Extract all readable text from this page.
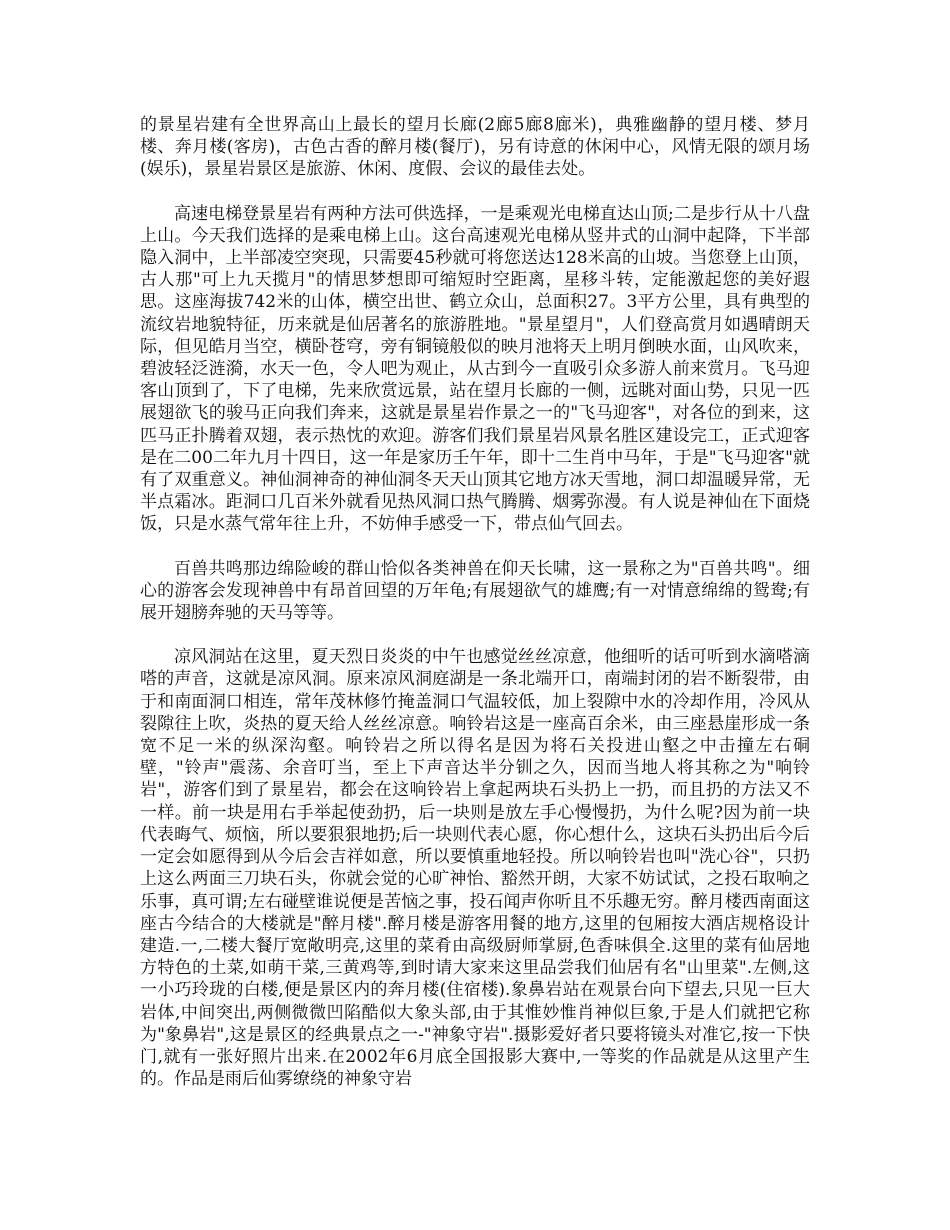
的景星岩建有全世界高山上最长的望月长廊(2廊5廊8廊米)，典雅幽静的望月楼、梦月楼、奔月楼(客房)，古色古香的醉月楼(餐厅)，另有诗意的休闲中心，风情无限的颂月场(娱乐)，景星岩景区是旅游、休闲、度假、会议的最佳去处。

高速电梯登景星岩有两种方法可供选择，一是乘观光电梯直达山顶;二是步行从十八盘上山。今天我们选择的是乘电梯上山。这台高速观光电梯从竖井式的山洞中起降，下半部隐入洞中，上半部凌空突现，只需要45秒就可将您送达128米高的山坡。当您登上山顶，古人那"可上九天揽月"的情思梦想即可缩短时空距离，星移斗转，定能激起您的美好遐思。这座海拔742米的山体，横空出世、鹤立众山，总面积27。3平方公里，具有典型的流纹岩地貌特征，历来就是仙居著名的旅游胜地。"景星望月"，人们登高赏月如遇晴朗天际，但见皓月当空，横卧苍穹，旁有铜镜般似的映月池将天上明月倒映水面，山风吹来，碧波轻泛涟漪，水天一色，令人吧为观止，从古到今一直吸引众多游人前来赏月。飞马迎客山顶到了，下了电梯，先来欣赏远景，站在望月长廊的一侧，远眺对面山势，只见一匹展翅欲飞的骏马正向我们奔来，这就是景星岩作景之一的"飞马迎客"，对各位的到来，这匹马正扑腾着双翅，表示热忱的欢迎。游客们我们景星岩风景名胜区建设完工，正式迎客是在二00二年九月十四日，这一年是家历壬午年，即十二生肖中马年，于是"飞马迎客"就有了双重意义。神仙洞神奇的神仙洞冬天天山顶其它地方冰天雪地，洞口却温暖异常，无半点霜冰。距洞口几百米外就看见热风洞口热气腾腾、烟雾弥漫。有人说是神仙在下面烧饭，只是水蒸气常年往上升，不妨伸手感受一下，带点仙气回去。

百兽共鸣那边绵险峻的群山恰似各类神兽在仰天长啸，这一景称之为"百兽共鸣"。细心的游客会发现神兽中有昂首回望的万年龟;有展翅欲气的雄鹰;有一对情意绵绵的鸳鸯;有展开翅膀奔驰的天马等等。

凉风洞站在这里，夏天烈日炎炎的中午也感觉丝丝凉意，他细听的话可听到水滴嗒滴嗒的声音，这就是凉风洞。原来凉风洞庭湖是一条北端开口，南端封闭的岩不断裂带，由于和南面洞口相连，常年茂林修竹掩盖洞口气温较低，加上裂隙中水的冷却作用，冷风从裂隙往上吹，炎热的夏天给人丝丝凉意。响铃岩这是一座高百余米，由三座悬崖形成一条宽不足一米的纵深沟壑。响铃岩之所以得名是因为将石关投进山壑之中击撞左右硐壁，"铃声"震荡、余音叮当，至上下声音达半分钏之久，因而当地人将其称之为"响铃岩"，游客们到了景星岩，都会在这响铃岩上拿起两块石头扔上一扔，而且扔的方法又不一样。前一块是用右手举起使劲扔，后一块则是放左手心慢慢扔，为什么呢?因为前一块代表晦气、烦恼，所以要狠狠地扔;后一块则代表心愿，你心想什么，这块石头扔出后今后一定会如愿得到从今后会吉祥如意，所以要慎重地轻投。所以响铃岩也叫"洗心谷"，只扔上这么两面三刀块石头，你就会觉的心旷神怡、豁然开朗，大家不妨试试，之投石取响之乐事，真可谓;左右碰壁谁说便是苦恼之事，投石闻声你听且不乐趣无穷。醉月楼西南面这座古今结合的大楼就是"醉月楼".醉月楼是游客用餐的地方,这里的包厢按大酒店规格设计建造.一,二楼大餐厅宽敞明亮,这里的菜肴由高级厨师掌厨,色香味俱全.这里的菜有仙居地方特色的土菜,如萌干菜,三黄鸡等,到时请大家来这里品尝我们仙居有名"山里菜".左侧,这一小巧玲珑的白楼,便是景区内的奔月楼(住宿楼).象鼻岩站在观景台向下望去,只见一巨大岩体,中间突出,两侧微微凹陷酷似大象头部,由于其惟妙惟肖神似巨象,于是人们就把它称为"象鼻岩",这是景区的经典景点之一-"神象守岩".摄影爱好者只要将镜头对准它,按一下快门,就有一张好照片出来.在2002年6月底全国报影大赛中,一等奖的作品就是从这里产生的。作品是雨后仙雾缭绕的神象守岩
